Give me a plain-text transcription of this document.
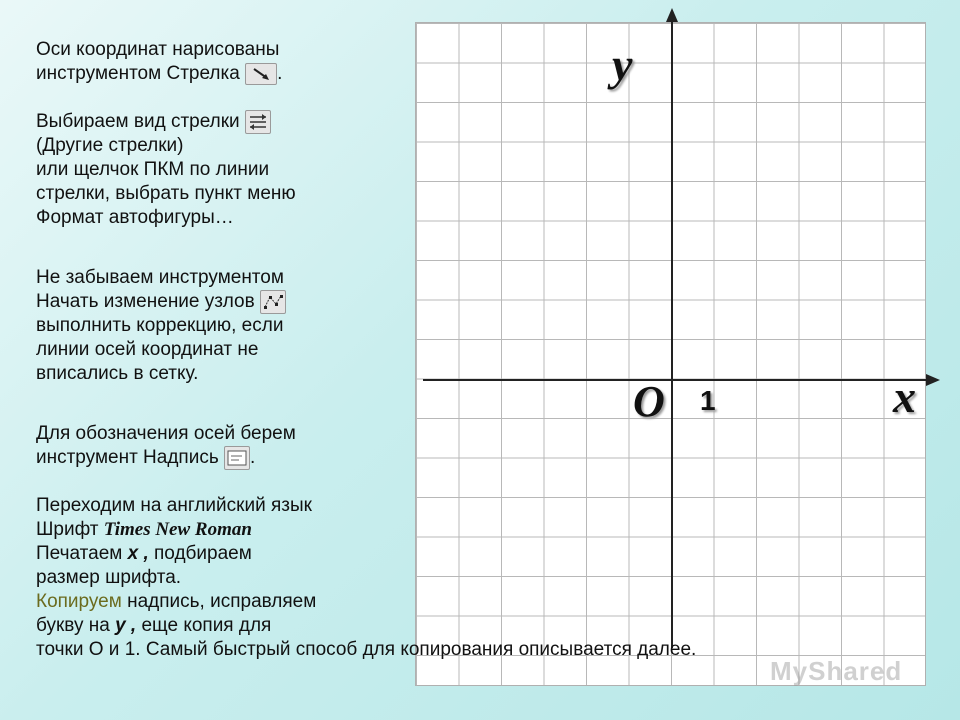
y
x
O 1
Оси координат нарисованы
инструментом Стрелка .
Выбираем вид стрелки
(Другие стрелки)
или щелчок ПКМ по линии
стрелки, выбрать пункт меню
Формат автофигуры…
Не забываем инструментом
Начать изменение узлов
выполнить коррекцию, если
линии осей координат не
вписались в сетку.
Для обозначения осей берем
инструмент Надпись .
Переходим на английский язык
Шрифт Times New Roman
Печатаем x , подбираем
размер шрифта.
Копируем надпись, исправляем
букву на y , еще копия для
точки О и 1. Самый быстрый способ для копирования описывается далее.
MyShared
